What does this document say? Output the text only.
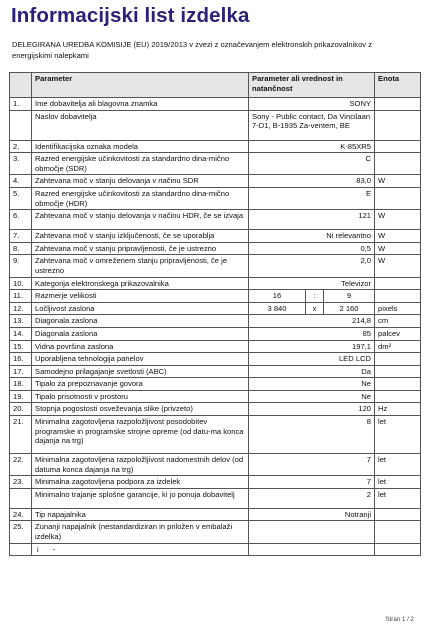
Informacijski list izdelka
DELEGIRANA UREDBA KOMISIJE (EU) 2019/2013 v zvezi z označevanjem elektronskih prikazovalnikov z energijskimi nalepkami
	Parameter	Parameter ali vrednost in natančnost			Enota
1.	Ime dobavitelja ali blagovna znamka	SONY			
	Naslov dobavitelja	Sony - Public contact, Da Vincilaan 7-D1, B-1935 Za-ventem, BE			
2.	Identifikacijska oznaka modela	K-85XR5			
3.	Razred energijske učinkovitosti za standardno dina-mično območje (SDR)	C			
4.	Zahtevana moč v stanju delovanja v načinu SDR	83,0			W
5.	Razred energijske učinkovitosti za standardno dina-mično območje (HDR)	E			
6.	Zahtevana moč v stanju delovanja v načinu HDR, če se izvaja	121			W
7.	Zahtevana moč v stanju izključenosti, če se uporablja	Ni relevantno			W
8.	Zahtevana moč v stanju pripravljenosti, če je ustrezno	0,5			W
9.	Zahtevana moč v omreženem stanju pripravljenosti, če je ustrezno	2,0			W
10.	Kategorija elektronskega prikazovalnika	Televizor			
11.	Razmerje velikosti	16	:	9	
12.	Ločljivost zaslona	3 840	x	2 160	pixels
13.	Diagonala zaslona	214,8			cm
14.	Diagonala zaslona	85			palcev
15.	Vidna površina zaslona	197,1			dm²
16.	Uporabljena tehnologija panelov	LED LCD			
17.	Samodejno prilagajanje svetlosti (ABC)	Da			
18.	Tipalo za prepoznavanje govora	Ne			
19.	Tipalo prisotnosti v prostoru	Ne			
20.	Stopnja pogostosti osveževanja slike (privzeto)	120			Hz
21.	Minimalna zagotovljena razpoložljivost posodobitev programske in programske strojne opreme (od datu-ma konca dajanja na trg)	8			let
22.	Minimalna zagotovljena razpoložljivost nadomestnih delov (od datuma konca dajanja na trg)	7			let
23.	Minimalna zagotovljena podpora za izdelek	7			let
	Minimalno trajanje splošne garancije, ki jo ponuja dobavitelj	2			let
24.	Tip napajalnika	Notranji			
25.	Zunanji napajalnik (nestandardiziran in priložen v embalaži izdelka)				
	i -				
Stran 1 / 2
